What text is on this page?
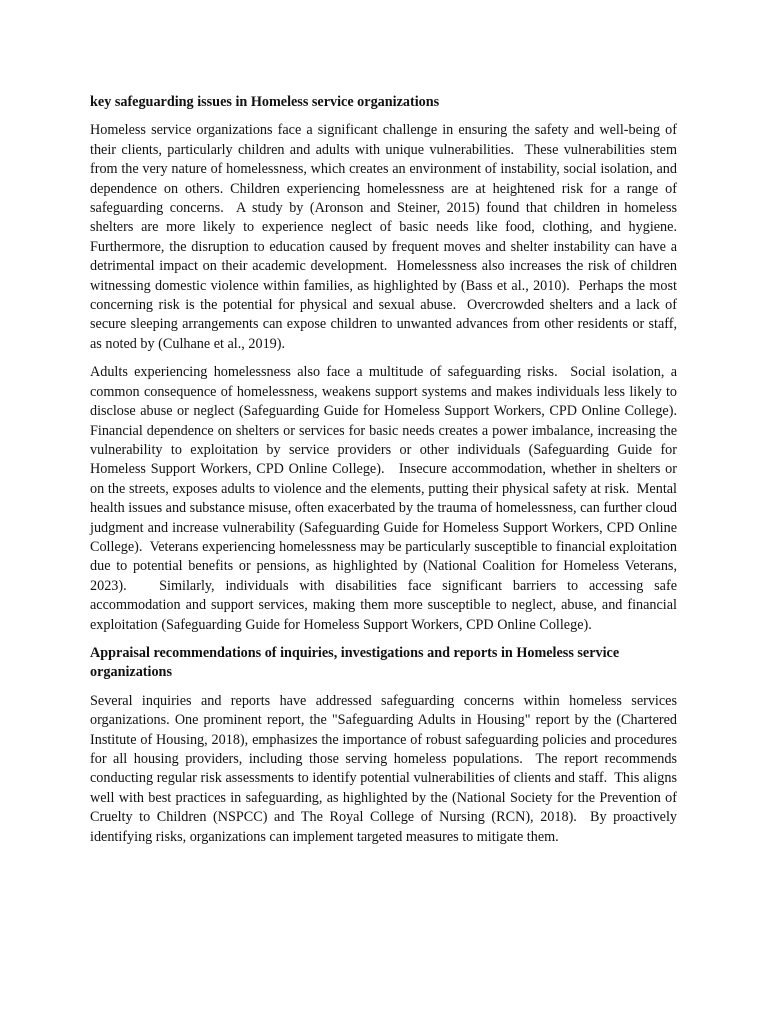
key safeguarding issues in Homeless service organizations

Homeless service organizations face a significant challenge in ensuring the safety and well-being of their clients, particularly children and adults with unique vulnerabilities.  These vulnerabilities stem from the very nature of homelessness, which creates an environment of instability, social isolation, and dependence on others. Children experiencing homelessness are at heightened risk for a range of safeguarding concerns.  A study by (Aronson and Steiner, 2015) found that children in homeless shelters are more likely to experience neglect of basic needs like food, clothing, and hygiene.  Furthermore, the disruption to education caused by frequent moves and shelter instability can have a detrimental impact on their academic development.  Homelessness also increases the risk of children witnessing domestic violence within families, as highlighted by (Bass et al., 2010).  Perhaps the most concerning risk is the potential for physical and sexual abuse.  Overcrowded shelters and a lack of secure sleeping arrangements can expose children to unwanted advances from other residents or staff, as noted by (Culhane et al., 2019).

Adults experiencing homelessness also face a multitude of safeguarding risks.  Social isolation, a common consequence of homelessness, weakens support systems and makes individuals less likely to disclose abuse or neglect (Safeguarding Guide for Homeless Support Workers, CPD Online College).  Financial dependence on shelters or services for basic needs creates a power imbalance, increasing the vulnerability to exploitation by service providers or other individuals (Safeguarding Guide for Homeless Support Workers, CPD Online College).   Insecure accommodation, whether in shelters or on the streets, exposes adults to violence and the elements, putting their physical safety at risk.  Mental health issues and substance misuse, often exacerbated by the trauma of homelessness, can further cloud judgment and increase vulnerability (Safeguarding Guide for Homeless Support Workers, CPD Online College).  Veterans experiencing homelessness may be particularly susceptible to financial exploitation due to potential benefits or pensions, as highlighted by (National Coalition for Homeless Veterans, 2023).   Similarly, individuals with disabilities face significant barriers to accessing safe accommodation and support services, making them more susceptible to neglect, abuse, and financial exploitation (Safeguarding Guide for Homeless Support Workers, CPD Online College).

Appraisal recommendations of inquiries, investigations and reports in Homeless service organizations

Several inquiries and reports have addressed safeguarding concerns within homeless services organizations. One prominent report, the "Safeguarding Adults in Housing" report by the (Chartered Institute of Housing, 2018), emphasizes the importance of robust safeguarding policies and procedures for all housing providers, including those serving homeless populations.  The report recommends conducting regular risk assessments to identify potential vulnerabilities of clients and staff.  This aligns well with best practices in safeguarding, as highlighted by the (National Society for the Prevention of Cruelty to Children (NSPCC) and The Royal College of Nursing (RCN), 2018).  By proactively identifying risks, organizations can implement targeted measures to mitigate them.
